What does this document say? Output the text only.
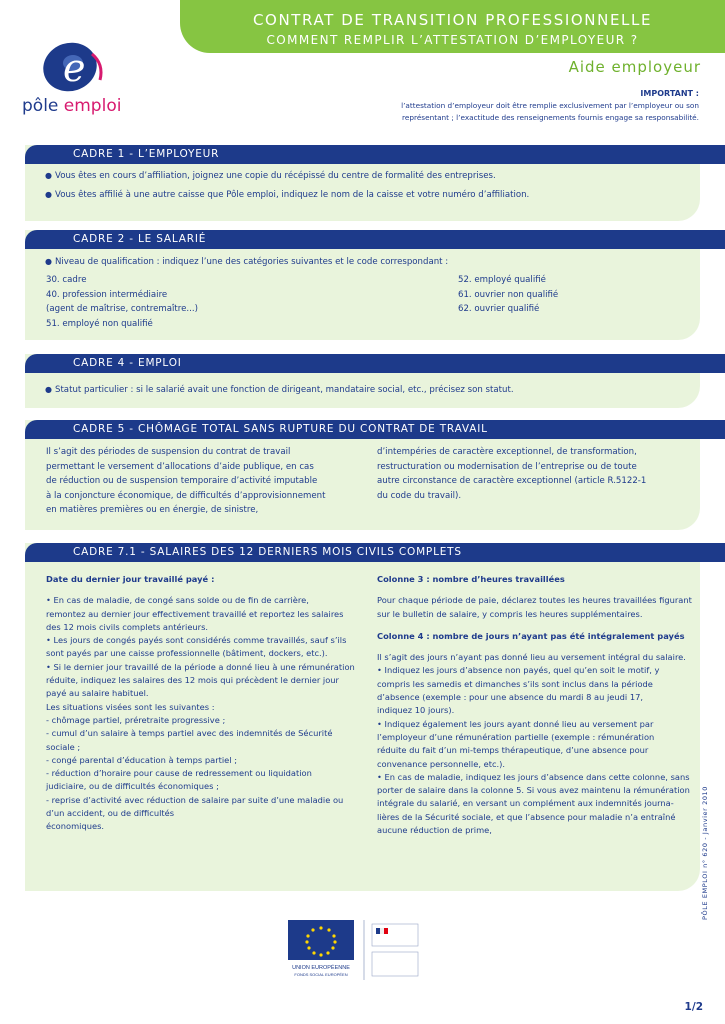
CONTRAT DE TRANSITION PROFESSIONNELLE
COMMENT REMPLIR L’ATTESTATION D’EMPLOYEUR ?
Aide employeur
IMPORTANT :
l’attestation d’employeur doit être remplie exclusivement par l’employeur ou son représentant ; l’exactitude des renseignements fournis engage sa responsabilité.
e
pôle emploi
CADRE 1 - L’EMPLOYEUR
● Vous êtes en cours d’affiliation, joignez une copie du récépissé du centre de formalité des entreprises.
● Vous êtes affilié à une autre caisse que Pôle emploi, indiquez le nom de la caisse et votre numéro d’affiliation.
CADRE 2 - LE SALARIÉ
● Niveau de qualification : indiquez l’une des catégories suivantes et le code correspondant :
30. cadre
40. profession intermédiaire
(agent de maîtrise, contremaître...)
51. employé non qualifié
52. employé qualifié
61. ouvrier non qualifié
62. ouvrier qualifié
CADRE 4 - EMPLOI
● Statut particulier : si le salarié avait une fonction de dirigeant, mandataire social, etc., précisez son statut.
CADRE 5 - CHÔMAGE TOTAL SANS RUPTURE DU CONTRAT DE TRAVAIL
Il s’agit des périodes de suspension du contrat de travail
permettant le versement d’allocations d’aide publique, en cas
de réduction ou de suspension temporaire d’activité imputable
à la conjoncture économique, de difficultés d’approvisionnement
en matières premières ou en énergie, de sinistre,
d’intempéries de caractère exceptionnel, de transformation,
restructuration ou modernisation de l’entreprise ou de toute
autre circonstance de caractère exceptionnel (article R.5122-1
du code du travail).
CADRE 7.1 - SALAIRES DES 12 DERNIERS MOIS CIVILS COMPLETS
Date du dernier jour travaillé payé :
• En cas de maladie, de congé sans solde ou de fin de carrière,
remontez au dernier jour effectivement travaillé et reportez les salaires
des 12 mois civils complets antérieurs.
• Les jours de congés payés sont considérés comme travaillés, sauf s’ils
sont payés par une caisse professionnelle (bâtiment, dockers, etc.).
• Si le dernier jour travaillé de la période a donné lieu à une rémunération
réduite, indiquez les salaires des 12 mois qui précèdent le dernier jour
payé au salaire habituel.
Les situations visées sont les suivantes :
- chômage partiel, préretraite progressive ;
- cumul d’un salaire à temps partiel avec des indemnités de Sécurité
sociale ;
- congé parental d’éducation à temps partiel ;
- réduction d’horaire pour cause de redressement ou liquidation
judiciaire, ou de difficultés économiques ;
- reprise d’activité avec réduction de salaire par suite d’une maladie ou
d’un accident, ou de difficultés
économiques.
Colonne 3 : nombre d’heures travaillées
Pour chaque période de paie, déclarez toutes les heures travaillées figurant
sur le bulletin de salaire, y compris les heures supplémentaires.
Colonne 4 : nombre de jours n’ayant pas été intégralement payés
Il s’agit des jours n’ayant pas donné lieu au versement intégral du salaire.
• Indiquez les jours d’absence non payés, quel qu’en soit le motif, y
compris les samedis et dimanches s’ils sont inclus dans la période
d’absence (exemple : pour une absence du mardi 8 au jeudi 17,
indiquez 10 jours).
• Indiquez également les jours ayant donné lieu au versement par
l’employeur d’une rémunération partielle (exemple : rémunération
réduite du fait d’un mi-temps thérapeutique, d’une absence pour
convenance personnelle, etc.).
• En cas de maladie, indiquez les jours d’absence dans cette colonne, sans
porter de salaire dans la colonne 5. Si vous avez maintenu la rémunération
intégrale du salarié, en versant un complément aux indemnités journa-
lières de la Sécurité sociale, et que l’absence pour maladie n’a entraîné
aucune réduction de prime,
UNION EUROPÉENNE
FONDS SOCIAL EUROPÉEN
PÔLE EMPLOI n° 620 - Janvier 2010
1/2
